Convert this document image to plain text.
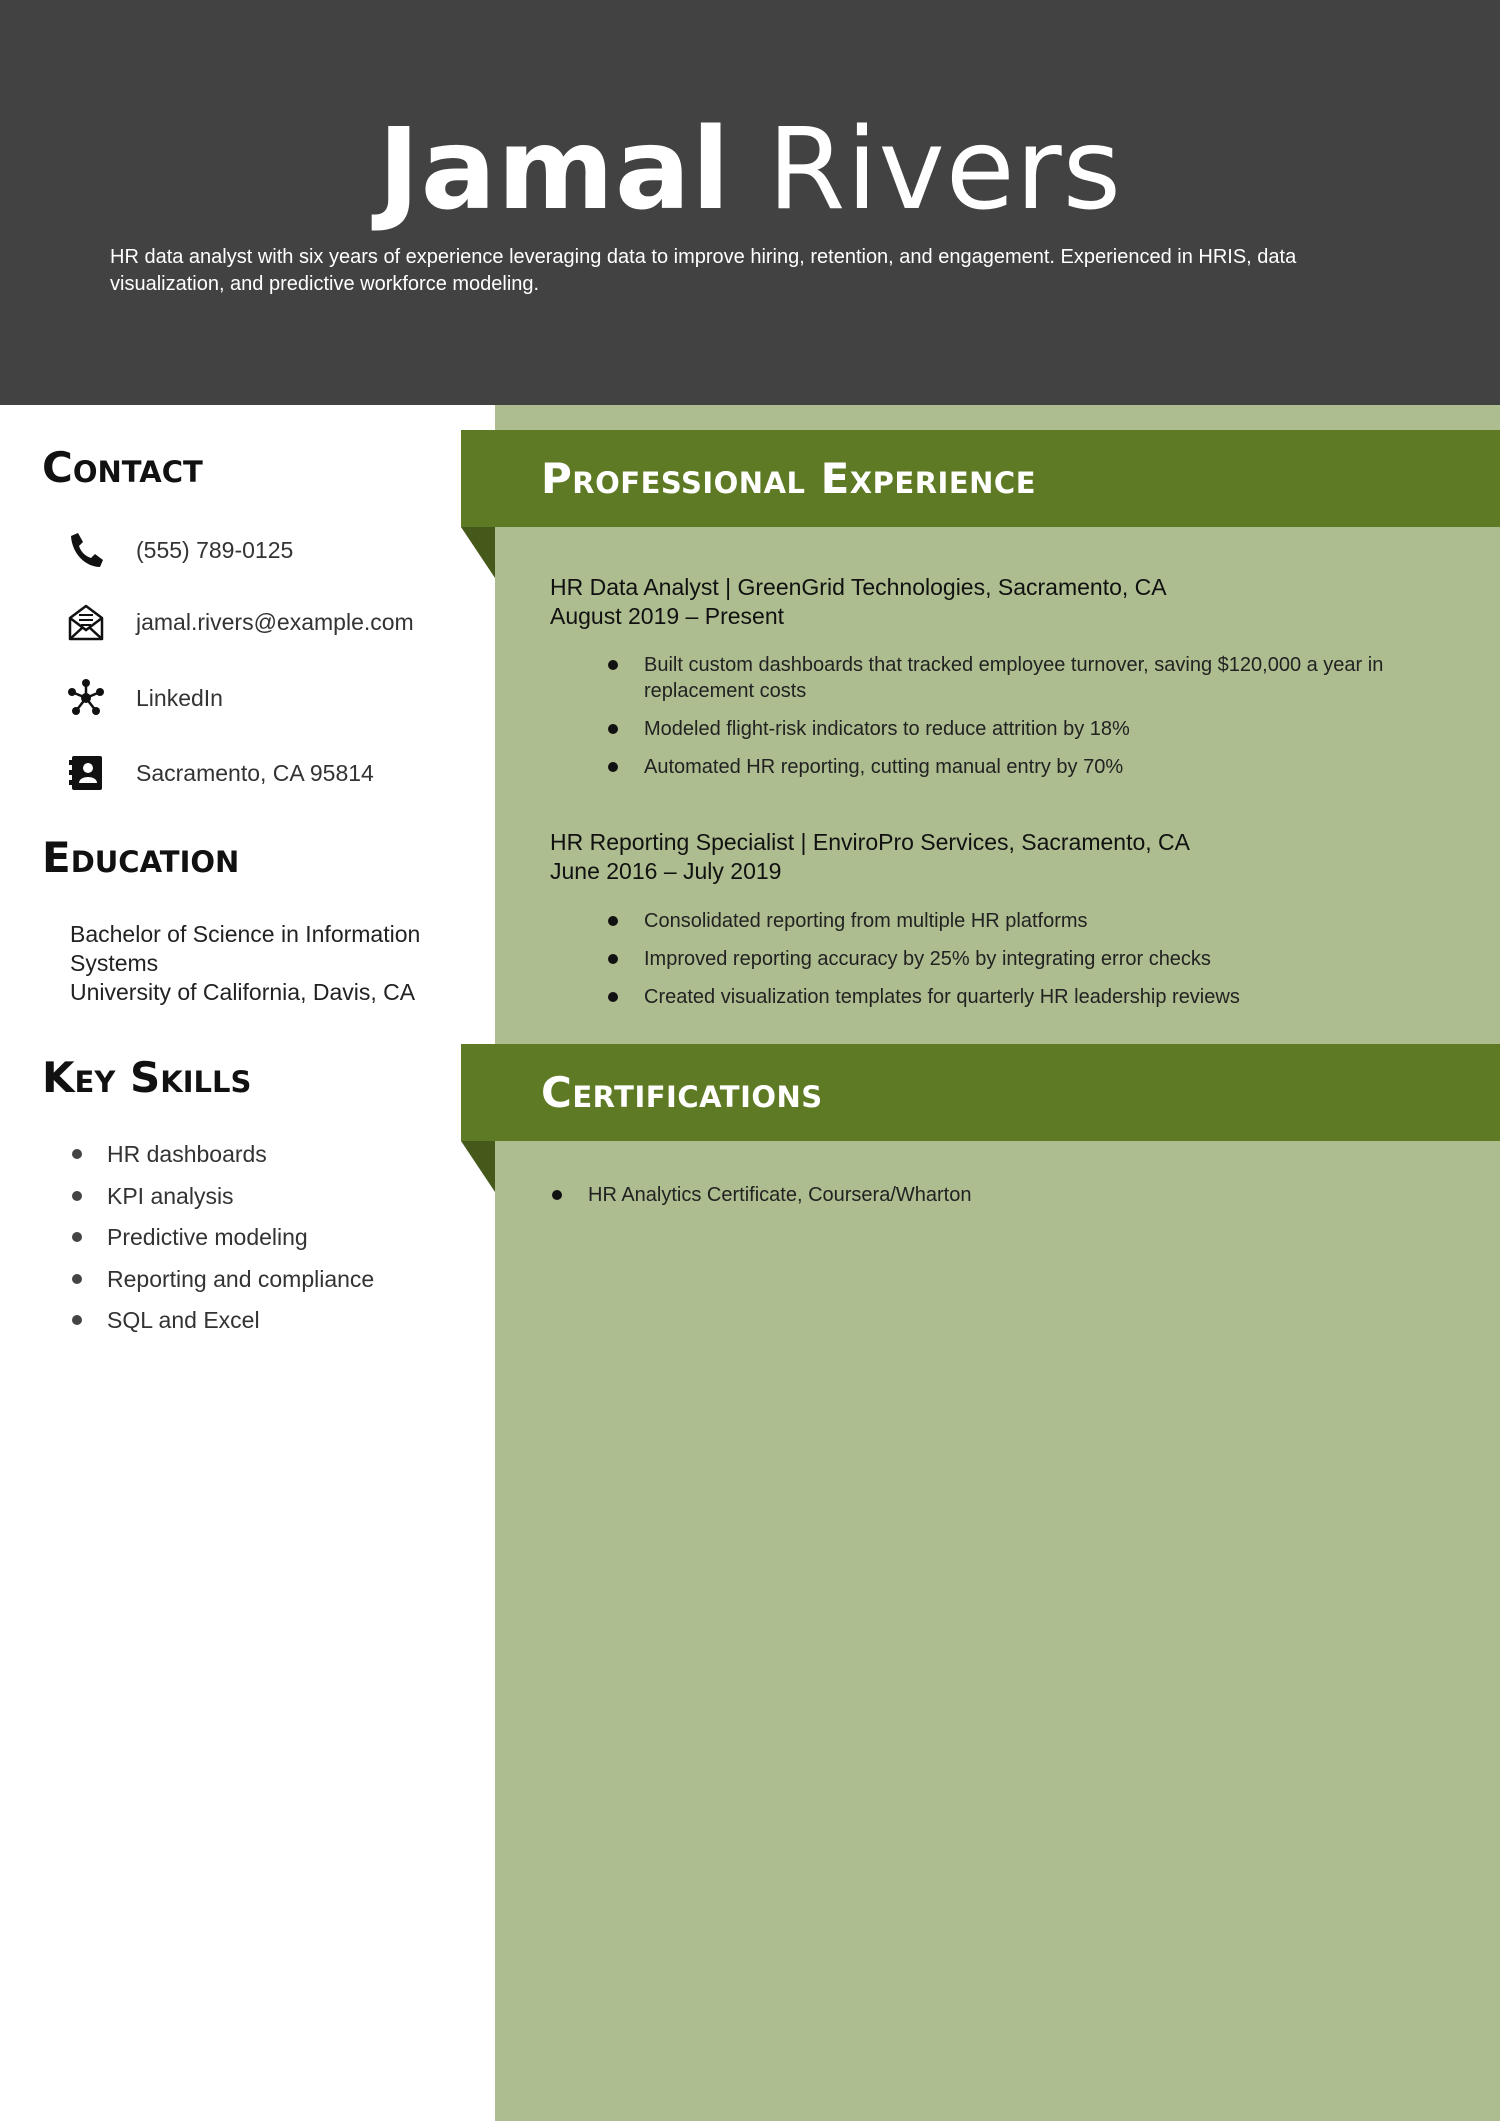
Jamal Rivers
HR data analyst with six years of experience leveraging data to improve hiring, retention, and engagement. Experienced in HRIS, data visualization, and predictive workforce modeling.
Professional Experience
HR Data Analyst | GreenGrid Technologies, Sacramento, CA
August 2019 – Present
Built custom dashboards that tracked employee turnover, saving $120,000 a year in replacement costs
Modeled flight-risk indicators to reduce attrition by 18%
Automated HR reporting, cutting manual entry by 70%
HR Reporting Specialist | EnviroPro Services, Sacramento, CA
June 2016 – July 2019
Consolidated reporting from multiple HR platforms
Improved reporting accuracy by 25% by integrating error checks
Created visualization templates for quarterly HR leadership reviews
Certifications
HR Analytics Certificate, Coursera/Wharton
Contact
(555) 789-0125
jamal.rivers@example.com
LinkedIn
Sacramento, CA 95814
Education
Bachelor of Science in Information Systems
University of California, Davis, CA
Key Skills
HR dashboards
KPI analysis
Predictive modeling
Reporting and compliance
SQL and Excel
